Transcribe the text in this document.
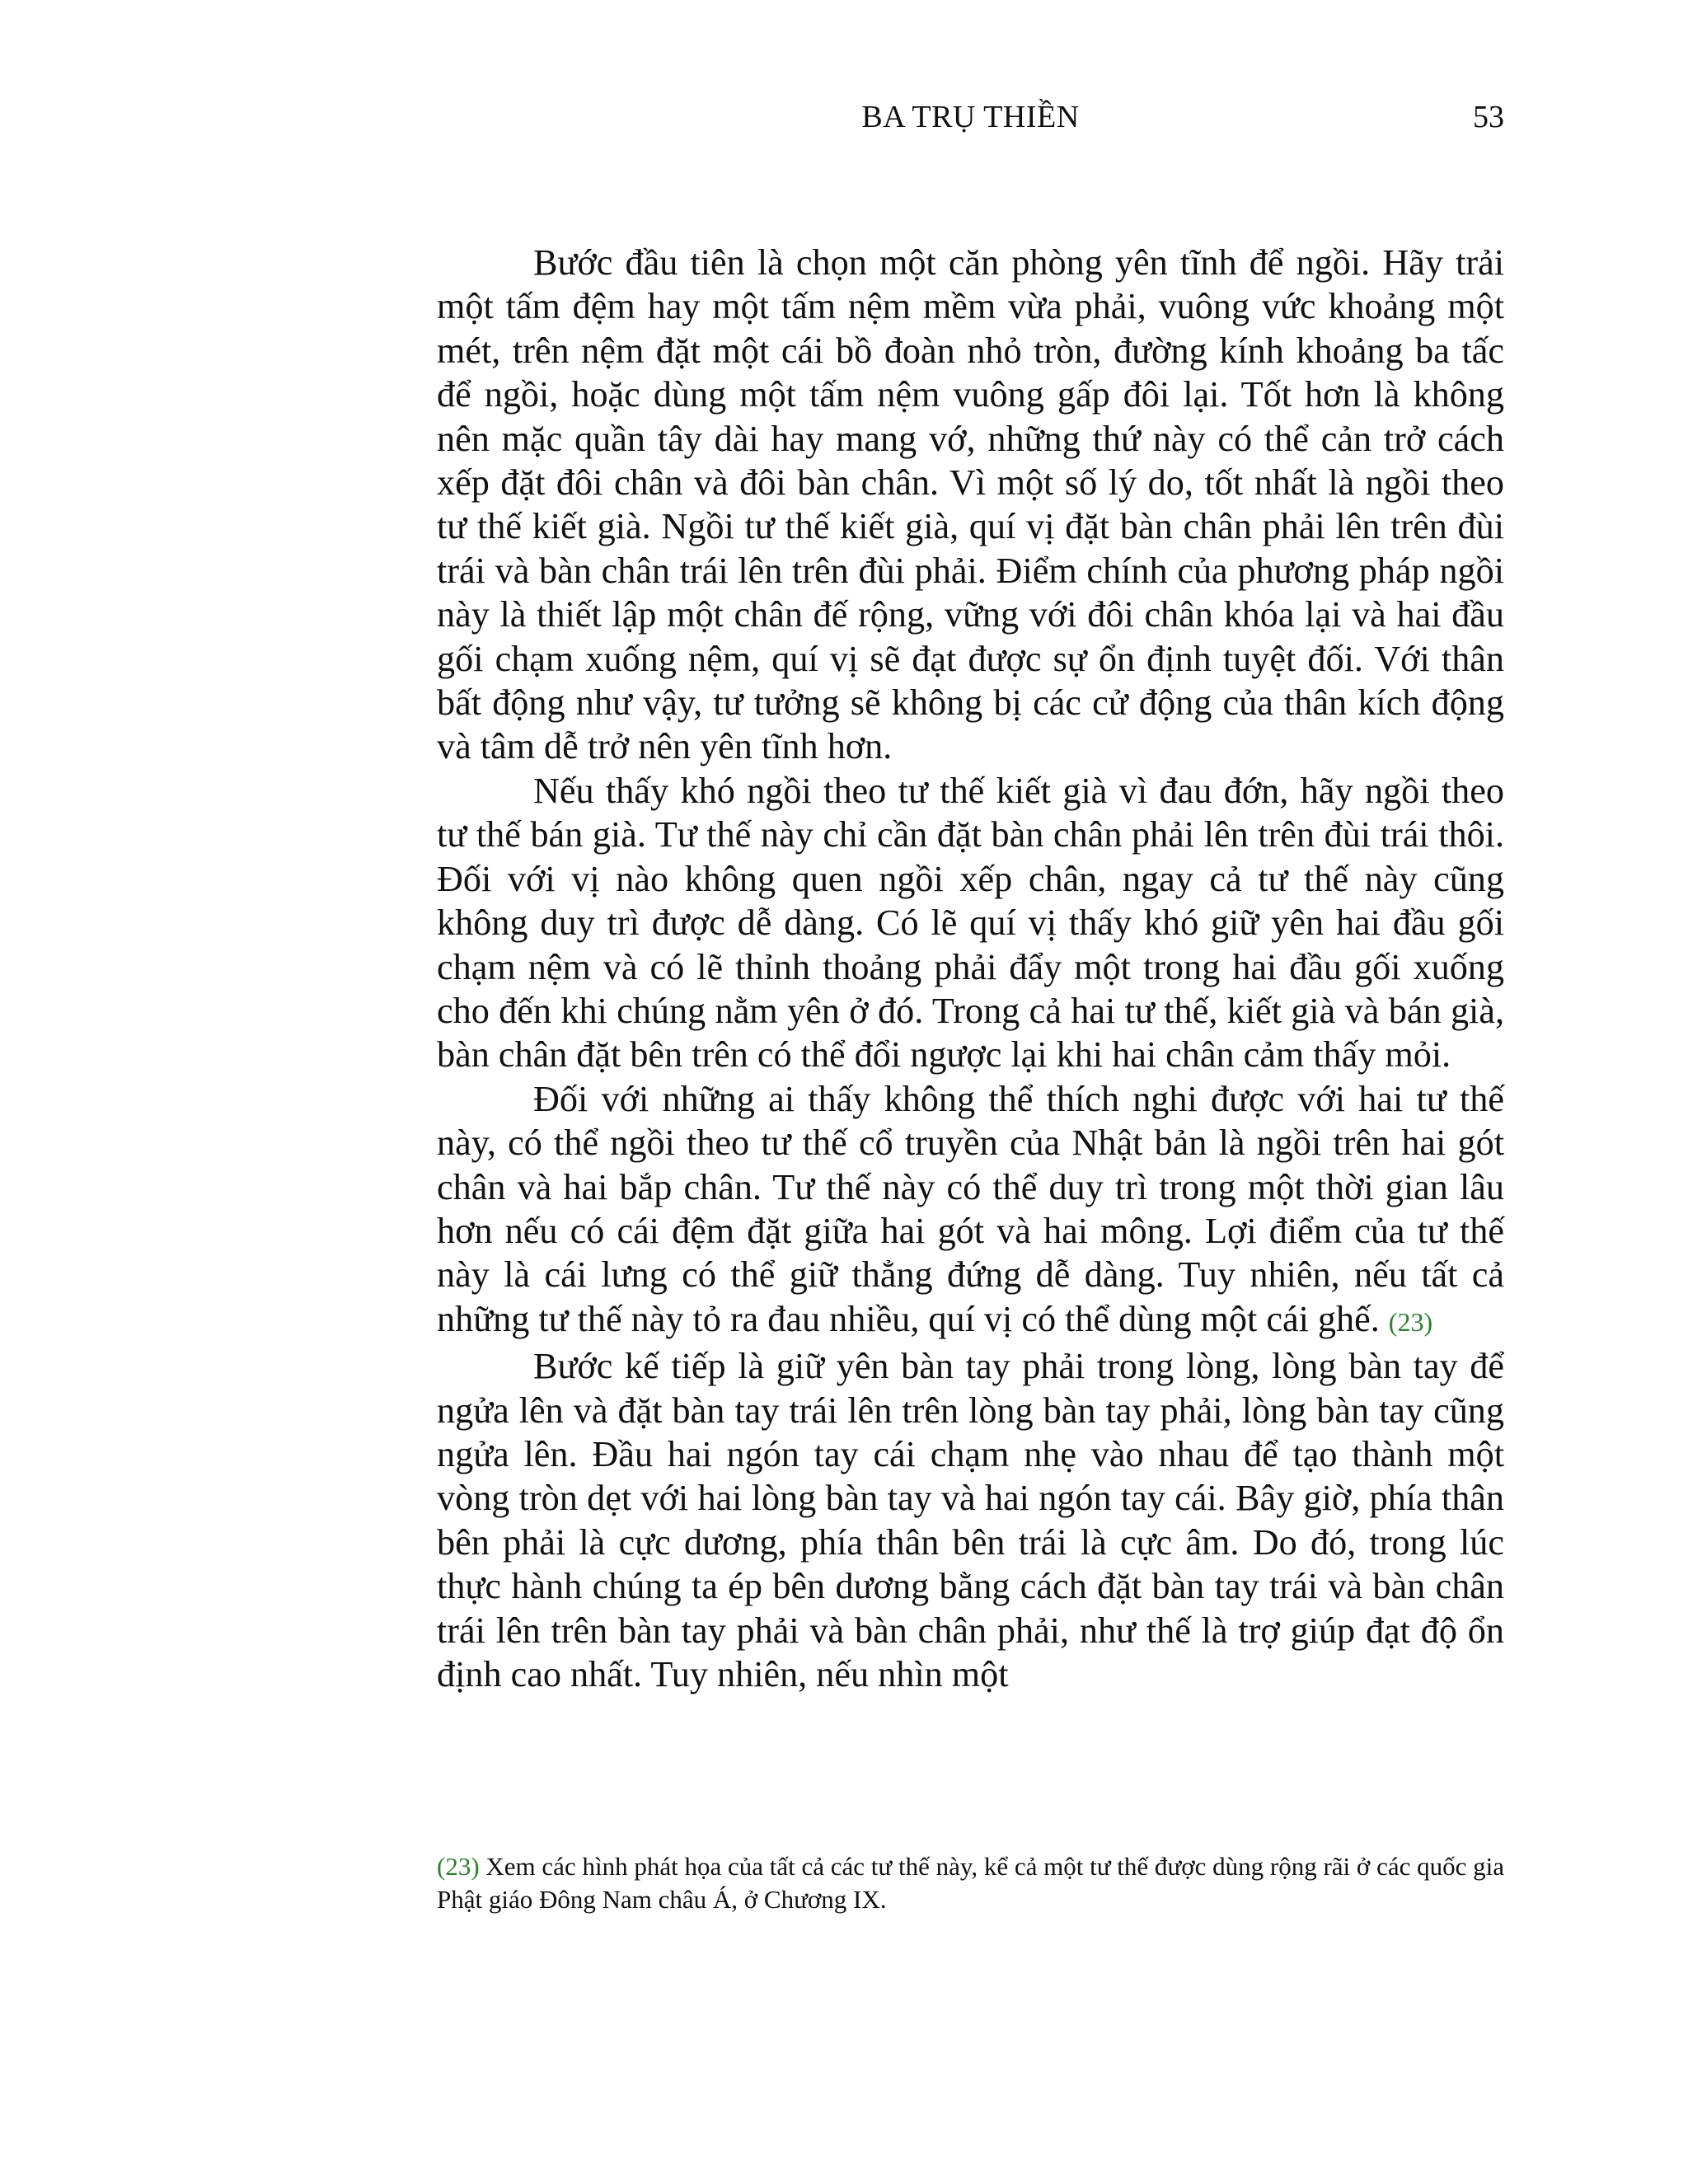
BA TRỤ THIỀN	53

Bước đầu tiên là chọn một căn phòng yên tĩnh để ngồi. Hãy trải một tấm đệm hay một tấm nệm mềm vừa phải, vuông vức khoảng một mét, trên nệm đặt một cái bồ đoàn nhỏ tròn, đường kính khoảng ba tấc để ngồi, hoặc dùng một tấm nệm vuông gấp đôi lại. Tốt hơn là không nên mặc quần tây dài hay mang vớ, những thứ này có thể cản trở cách xếp đặt đôi chân và đôi bàn chân. Vì một số lý do, tốt nhất là ngồi theo tư thế kiết già. Ngồi tư thế kiết già, quí vị đặt bàn chân phải lên trên đùi trái và bàn chân trái lên trên đùi phải. Điểm chính của phương pháp ngồi này là thiết lập một chân đế rộng, vững với đôi chân khóa lại và hai đầu gối chạm xuống nệm, quí vị sẽ đạt được sự ổn định tuyệt đối. Với thân bất động như vậy, tư tưởng sẽ không bị các cử động của thân kích động và tâm dễ trở nên yên tĩnh hơn.

Nếu thấy khó ngồi theo tư thế kiết già vì đau đớn, hãy ngồi theo tư thế bán già. Tư thế này chỉ cần đặt bàn chân phải lên trên đùi trái thôi. Đối với vị nào không quen ngồi xếp chân, ngay cả tư thế này cũng không duy trì được dễ dàng. Có lẽ quí vị thấy khó giữ yên hai đầu gối chạm nệm và có lẽ thỉnh thoảng phải đẩy một trong hai đầu gối xuống cho đến khi chúng nằm yên ở đó. Trong cả hai tư thế, kiết già và bán già, bàn chân đặt bên trên có thể đổi ngược lại khi hai chân cảm thấy mỏi.

Đối với những ai thấy không thể thích nghi được với hai tư thế này, có thể ngồi theo tư thế cổ truyền của Nhật bản là ngồi trên hai gót chân và hai bắp chân. Tư thế này có thể duy trì trong một thời gian lâu hơn nếu có cái đệm đặt giữa hai gót và hai mông. Lợi điểm của tư thế này là cái lưng có thể giữ thẳng đứng dễ dàng. Tuy nhiên, nếu tất cả những tư thế này tỏ ra đau nhiều, quí vị có thể dùng một cái ghế. (23)

Bước kế tiếp là giữ yên bàn tay phải trong lòng, lòng bàn tay để ngửa lên và đặt bàn tay trái lên trên lòng bàn tay phải, lòng bàn tay cũng ngửa lên. Đầu hai ngón tay cái chạm nhẹ vào nhau để tạo thành một vòng tròn dẹt với hai lòng bàn tay và hai ngón tay cái. Bây giờ, phía thân bên phải là cực dương, phía thân bên trái là cực âm. Do đó, trong lúc thực hành chúng ta ép bên dương bằng cách đặt bàn tay trái và bàn chân trái lên trên bàn tay phải và bàn chân phải, như thế là trợ giúp đạt độ ổn định cao nhất. Tuy nhiên, nếu nhìn một

(23) Xem các hình phát họa của tất cả các tư thế này, kể cả một tư thế được dùng rộng rãi ở các quốc gia Phật giáo Đông Nam châu Á, ở Chương IX.
